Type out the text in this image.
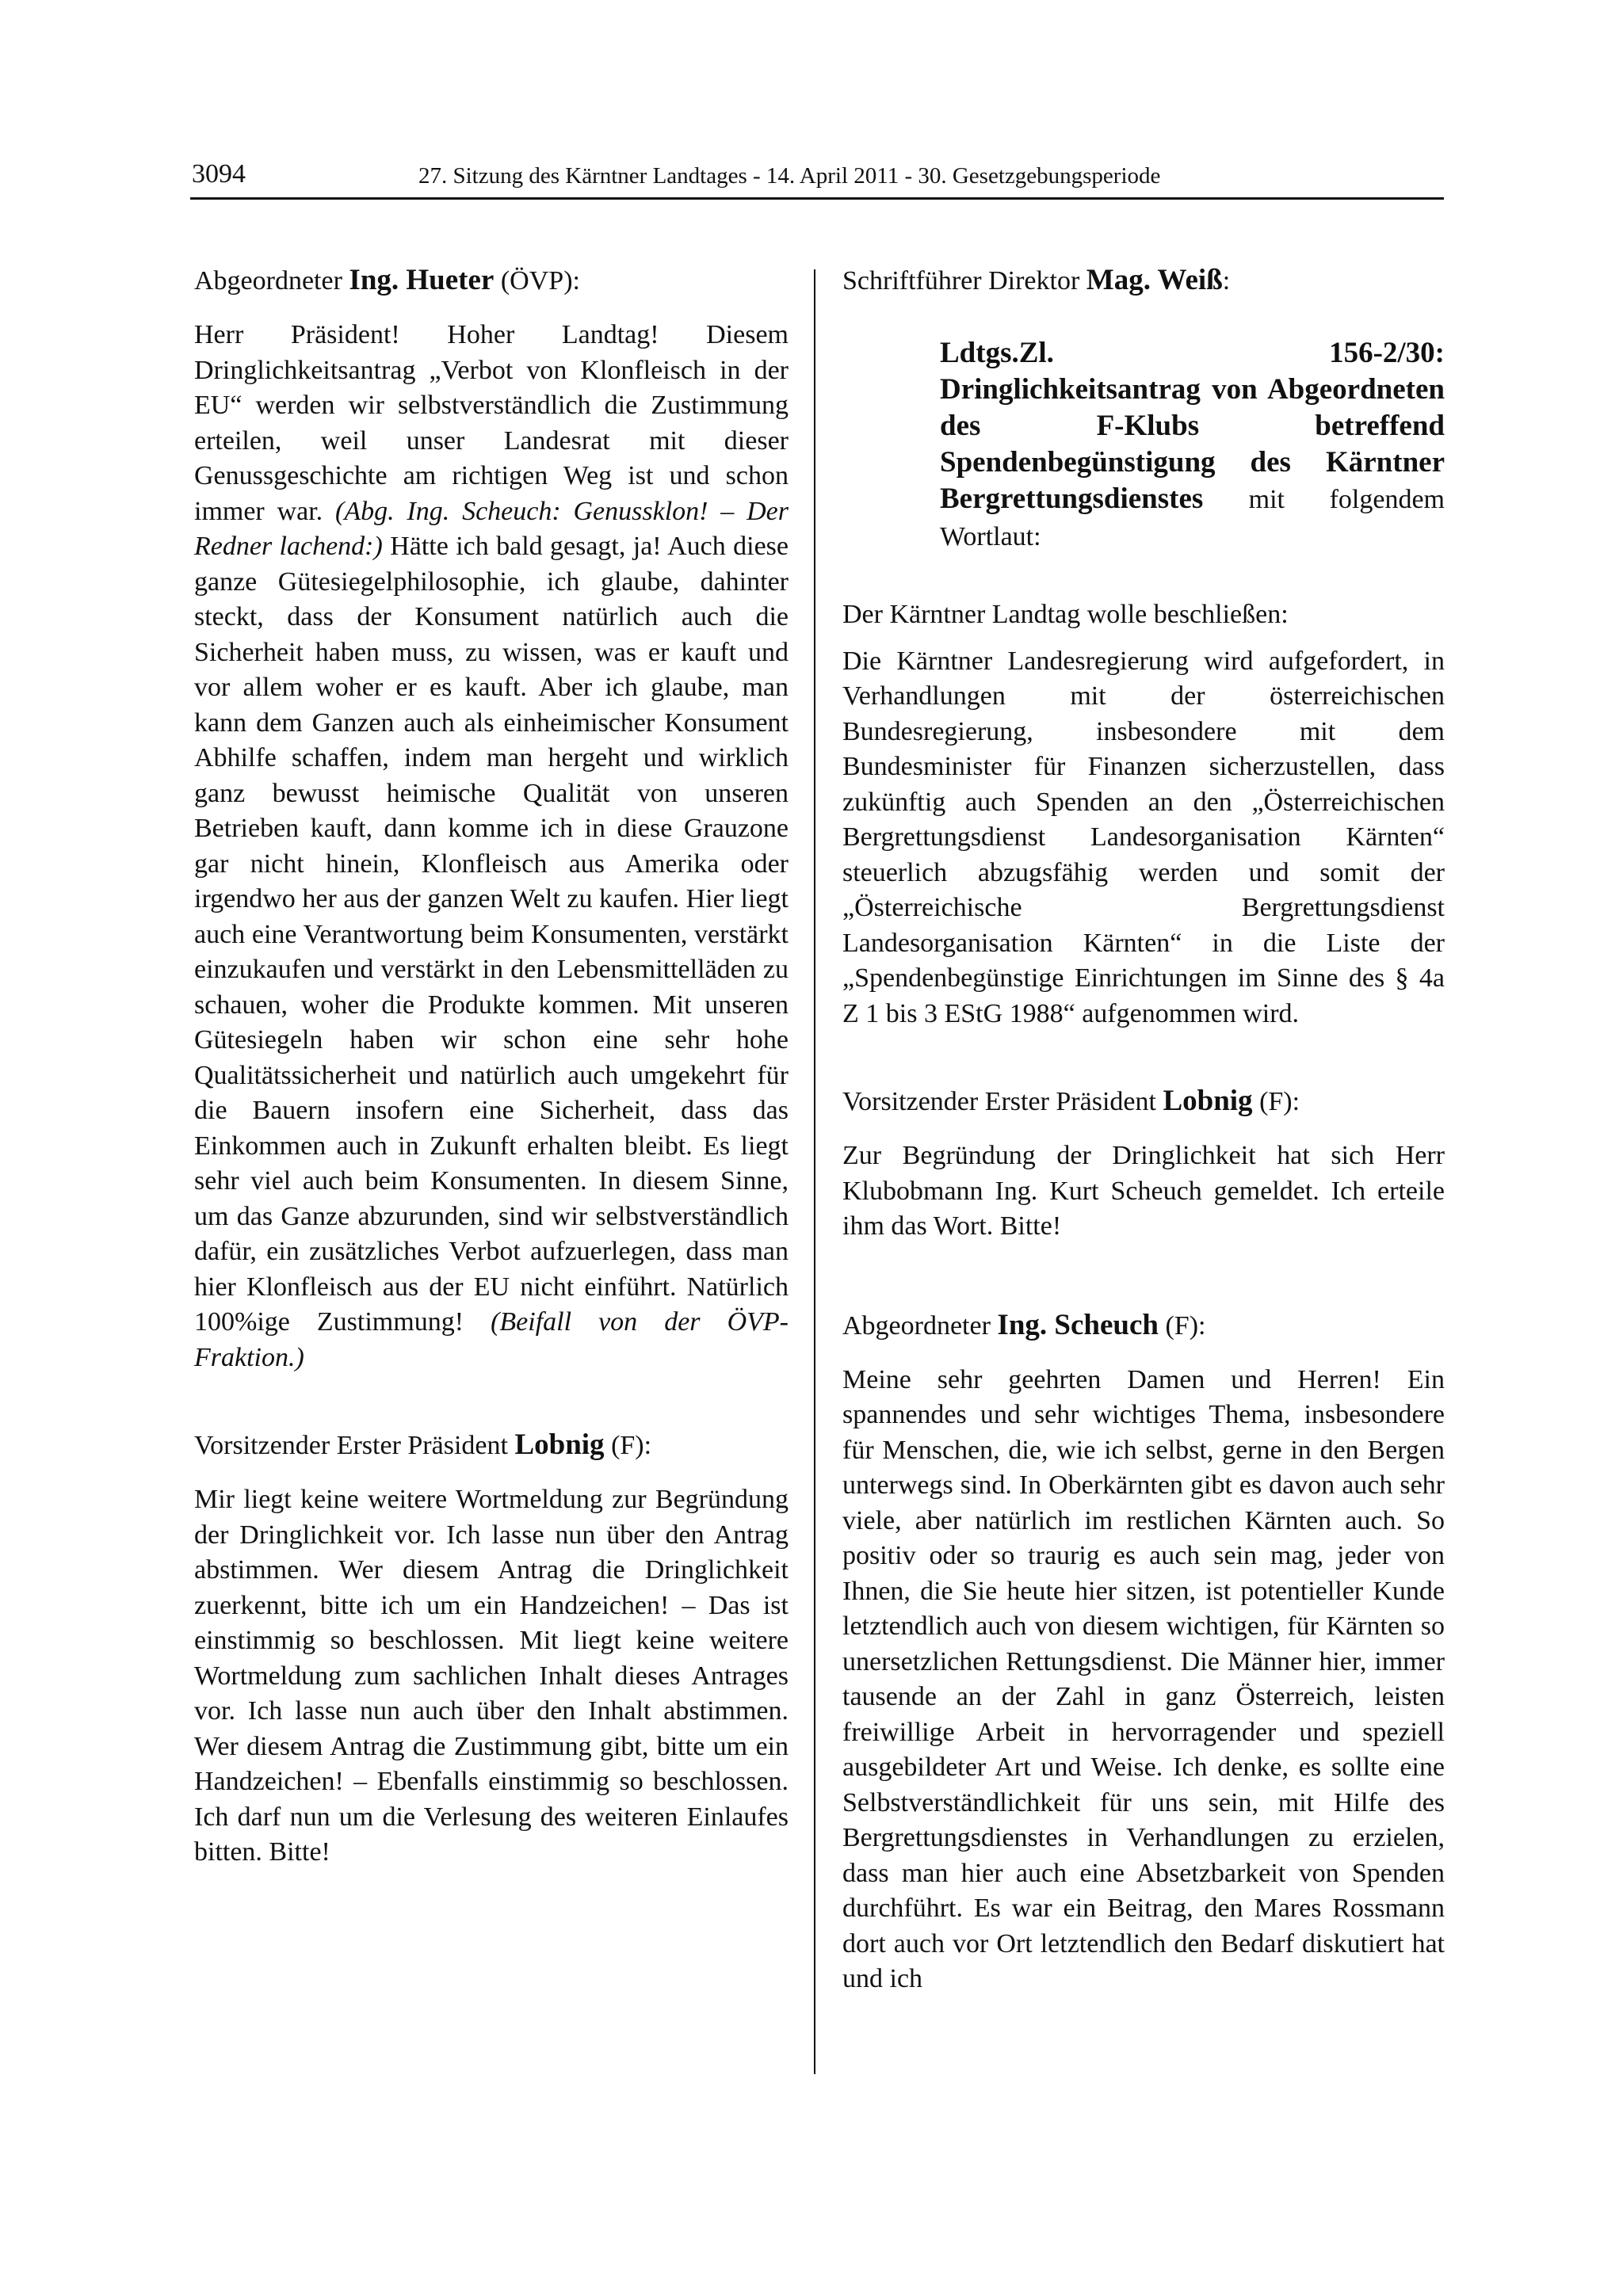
3094	27. Sitzung des Kärntner Landtages - 14. April 2011 - 30. Gesetzgebungsperiode

Abgeordneter Ing. Hueter (ÖVP):

Herr Präsident! Hoher Landtag! Diesem Dringlichkeitsantrag „Verbot von Klonfleisch in der EU“ werden wir selbstverständlich die Zustimmung erteilen, weil unser Landesrat mit dieser Genussgeschichte am richtigen Weg ist und schon immer war. (Abg. Ing. Scheuch: Genussklon! – Der Redner lachend:) Hätte ich bald gesagt, ja! Auch diese ganze Gütesiegelphilosophie, ich glaube, dahinter steckt, dass der Konsument natürlich auch die Sicherheit haben muss, zu wissen, was er kauft und vor allem woher er es kauft. Aber ich glaube, man kann dem Ganzen auch als einheimischer Konsument Abhilfe schaffen, indem man hergeht und wirklich ganz bewusst heimische Qualität von unseren Betrieben kauft, dann komme ich in diese Grauzone gar nicht hinein, Klonfleisch aus Amerika oder irgendwo her aus der ganzen Welt zu kaufen. Hier liegt auch eine Verantwortung beim Konsumenten, verstärkt einzukaufen und verstärkt in den Lebensmittelläden zu schauen, woher die Produkte kommen. Mit unseren Gütesiegeln haben wir schon eine sehr hohe Qualitätssicherheit und natürlich auch umgekehrt für die Bauern insofern eine Sicherheit, dass das Einkommen auch in Zukunft erhalten bleibt. Es liegt sehr viel auch beim Konsumenten. In diesem Sinne, um das Ganze abzurunden, sind wir selbstverständlich dafür, ein zusätzliches Verbot aufzuerlegen, dass man hier Klonfleisch aus der EU nicht einführt. Natürlich 100%ige Zustimmung! (Beifall von der ÖVP-Fraktion.)

Vorsitzender Erster Präsident Lobnig (F):

Mir liegt keine weitere Wortmeldung zur Begründung der Dringlichkeit vor. Ich lasse nun über den Antrag abstimmen. Wer diesem Antrag die Dringlichkeit zuerkennt, bitte ich um ein Handzeichen! – Das ist einstimmig so beschlossen. Mit liegt keine weitere Wortmeldung zum sachlichen Inhalt dieses Antrages vor. Ich lasse nun auch über den Inhalt abstimmen. Wer diesem Antrag die Zustimmung gibt, bitte um ein Handzeichen! – Ebenfalls einstimmig so beschlossen. Ich darf nun um die Verlesung des weiteren Einlaufes bitten. Bitte!

Schriftführer Direktor Mag. Weiß:

Ldtgs.Zl. 156-2/30: Dringlichkeitsantrag von Abgeordneten des F-Klubs betreffend Spendenbegünstigung des Kärntner Bergrettungsdienstes mit folgendem Wortlaut:

Der Kärntner Landtag wolle beschließen:

Die Kärntner Landesregierung wird aufgefordert, in Verhandlungen mit der österreichischen Bundesregierung, insbesondere mit dem Bundesminister für Finanzen sicherzustellen, dass zukünftig auch Spenden an den „Österreichischen Bergrettungsdienst Landesorganisation Kärnten“ steuerlich abzugsfähig werden und somit der „Österreichische Bergrettungsdienst Landesorganisation Kärnten“ in die Liste der „Spendenbegünstige Einrichtungen im Sinne des § 4a Z 1 bis 3 EStG 1988“ aufgenommen wird.

Vorsitzender Erster Präsident Lobnig (F):

Zur Begründung der Dringlichkeit hat sich Herr Klubobmann Ing. Kurt Scheuch gemeldet. Ich erteile ihm das Wort. Bitte!

Abgeordneter Ing. Scheuch (F):

Meine sehr geehrten Damen und Herren! Ein spannendes und sehr wichtiges Thema, insbesondere für Menschen, die, wie ich selbst, gerne in den Bergen unterwegs sind. In Oberkärnten gibt es davon auch sehr viele, aber natürlich im restlichen Kärnten auch. So positiv oder so traurig es auch sein mag, jeder von Ihnen, die Sie heute hier sitzen, ist potentieller Kunde letztendlich auch von diesem wichtigen, für Kärnten so unersetzlichen Rettungsdienst. Die Männer hier, immer tausende an der Zahl in ganz Österreich, leisten freiwillige Arbeit in hervorragender und speziell ausgebildeter Art und Weise. Ich denke, es sollte eine Selbstverständlichkeit für uns sein, mit Hilfe des Bergrettungsdienstes in Verhandlungen zu erzielen, dass man hier auch eine Absetzbarkeit von Spenden durchführt. Es war ein Beitrag, den Mares Rossmann dort auch vor Ort letztendlich den Bedarf diskutiert hat und ich
